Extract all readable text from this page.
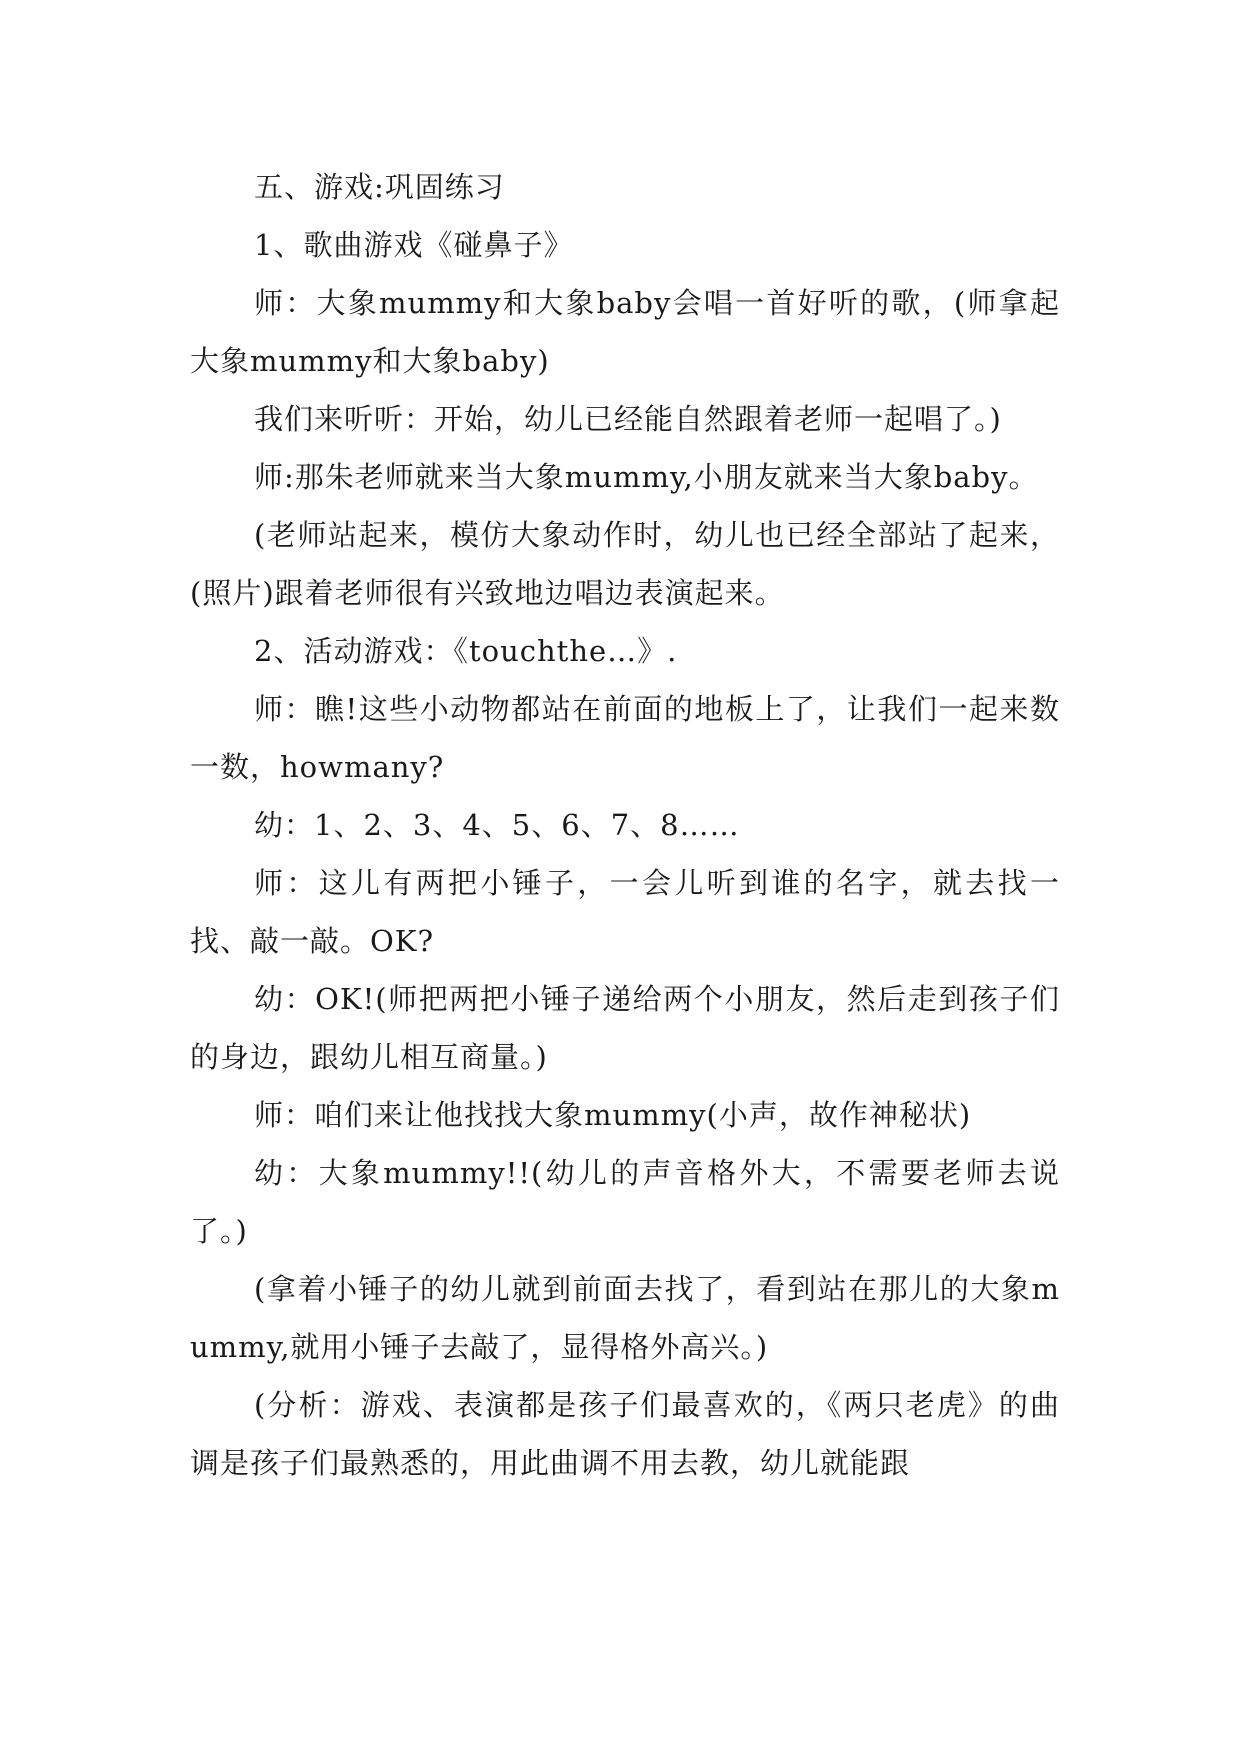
五、游戏:巩固练习

1、歌曲游戏《碰鼻子》

师：大象mummy和大象baby会唱一首好听的歌，(师拿起大象mummy和大象baby)

我们来听听：开始，幼儿已经能自然跟着老师一起唱了。)

师:那朱老师就来当大象mummy,小朋友就来当大象baby。

(老师站起来，模仿大象动作时，幼儿也已经全部站了起来，(照片)跟着老师很有兴致地边唱边表演起来。

2、活动游戏：《touchthe…》.

师：瞧!这些小动物都站在前面的地板上了，让我们一起来数一数，howmany?

幼：1、2、3、4、5、6、7、8……

师：这儿有两把小锤子，一会儿听到谁的名字，就去找一找、敲一敲。OK?

幼：OK!(师把两把小锤子递给两个小朋友，然后走到孩子们的身边，跟幼儿相互商量。)

师：咱们来让他找找大象mummy(小声，故作神秘状)

幼：大象mummy!!(幼儿的声音格外大，不需要老师去说了。)

(拿着小锤子的幼儿就到前面去找了，看到站在那儿的大象mummy,就用小锤子去敲了，显得格外高兴。)

(分析：游戏、表演都是孩子们最喜欢的，《两只老虎》的曲调是孩子们最熟悉的，用此曲调不用去教，幼儿就能跟
